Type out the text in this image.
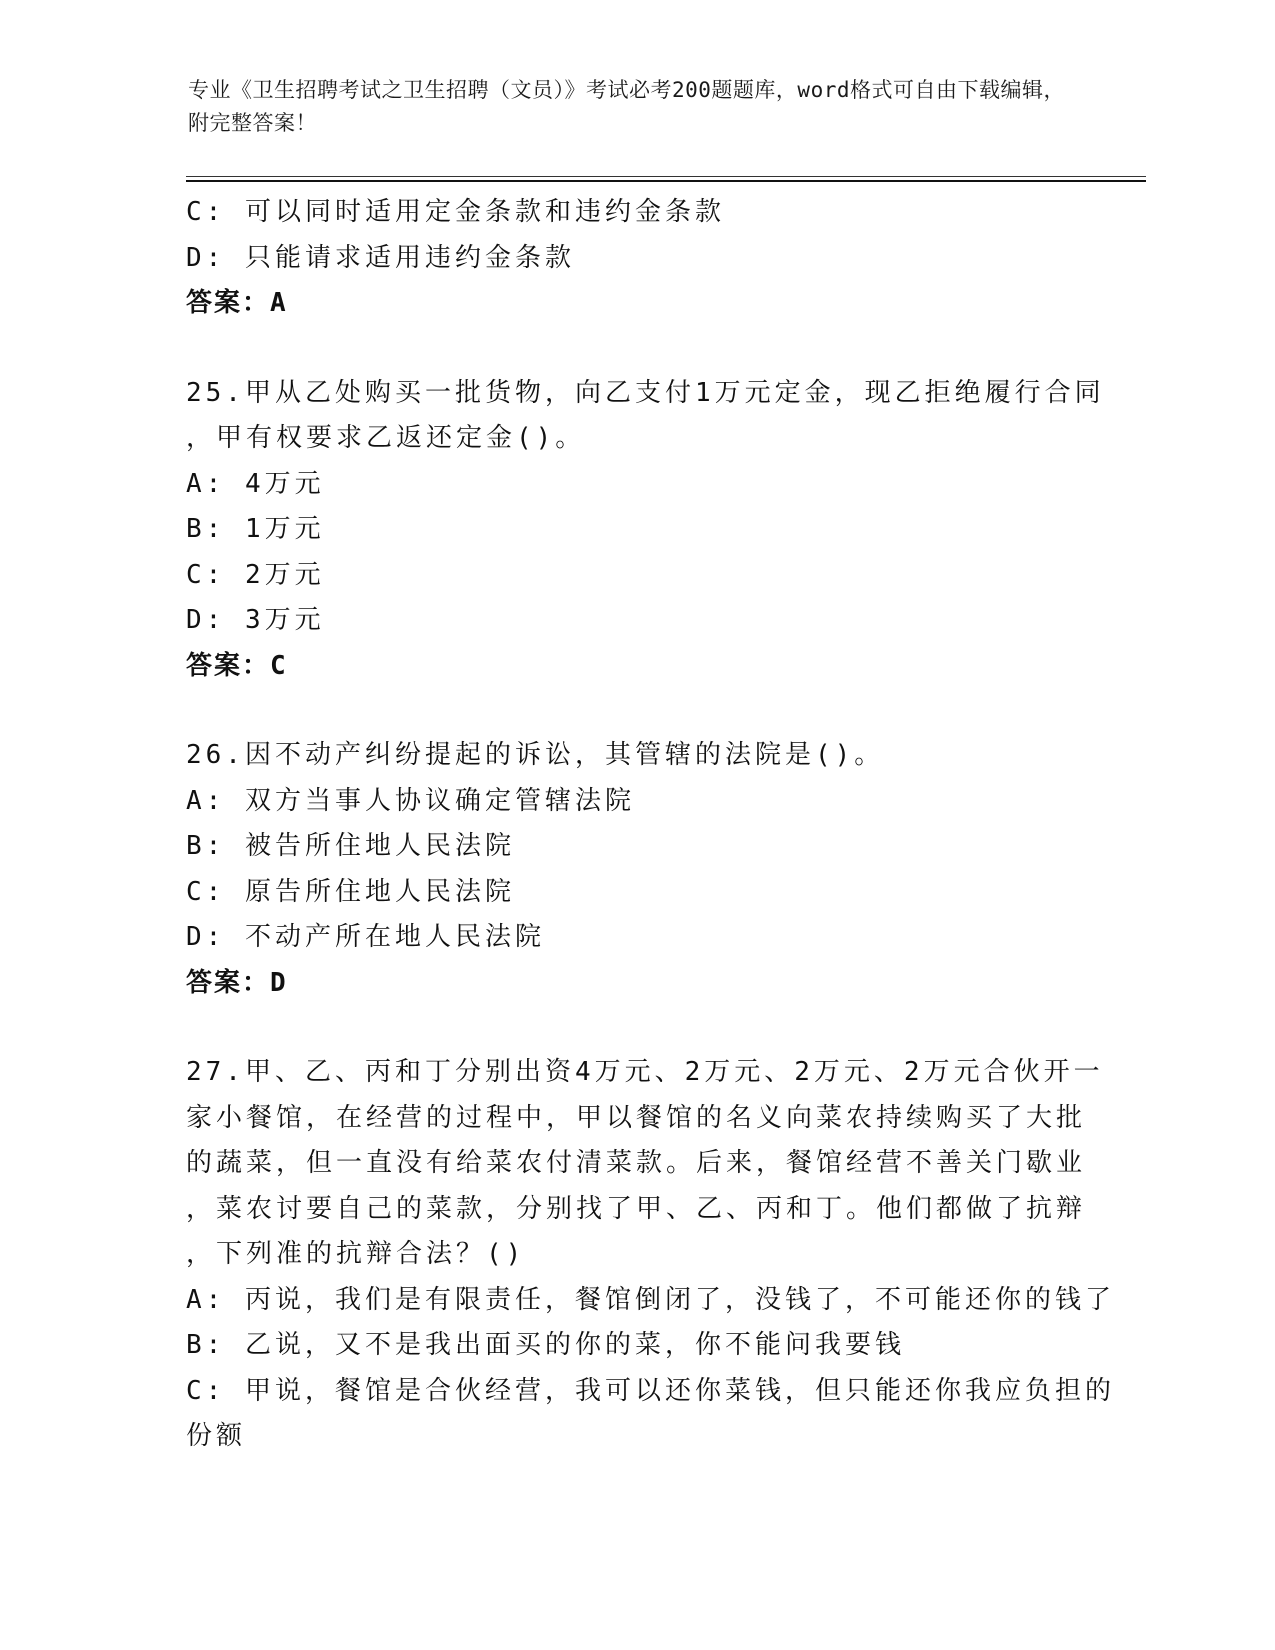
专业《卫生招聘考试之卫生招聘（文员）》考试必考200题题库，word格式可自由下载编辑，附完整答案！
C: 可以同时适用定金条款和违约金条款
D: 只能请求适用违约金条款
答案：A
25.甲从乙处购买一批货物，向乙支付1万元定金，现乙拒绝履行合同
，甲有权要求乙返还定金()。
A: 4万元
B: 1万元
C: 2万元
D: 3万元
答案：C
26.因不动产纠纷提起的诉讼，其管辖的法院是()。
A: 双方当事人协议确定管辖法院
B: 被告所住地人民法院
C: 原告所住地人民法院
D: 不动产所在地人民法院
答案：D
27.甲、乙、丙和丁分别出资4万元、2万元、2万元、2万元合伙开一
家小餐馆，在经营的过程中，甲以餐馆的名义向菜农持续购买了大批
的蔬菜，但一直没有给菜农付清菜款。后来，餐馆经营不善关门歇业
，菜农讨要自己的菜款，分别找了甲、乙、丙和丁。他们都做了抗辩
，下列准的抗辩合法？()
A: 丙说，我们是有限责任，餐馆倒闭了，没钱了，不可能还你的钱了
B: 乙说，又不是我出面买的你的菜，你不能问我要钱
C: 甲说，餐馆是合伙经营，我可以还你菜钱，但只能还你我应负担的
份额
